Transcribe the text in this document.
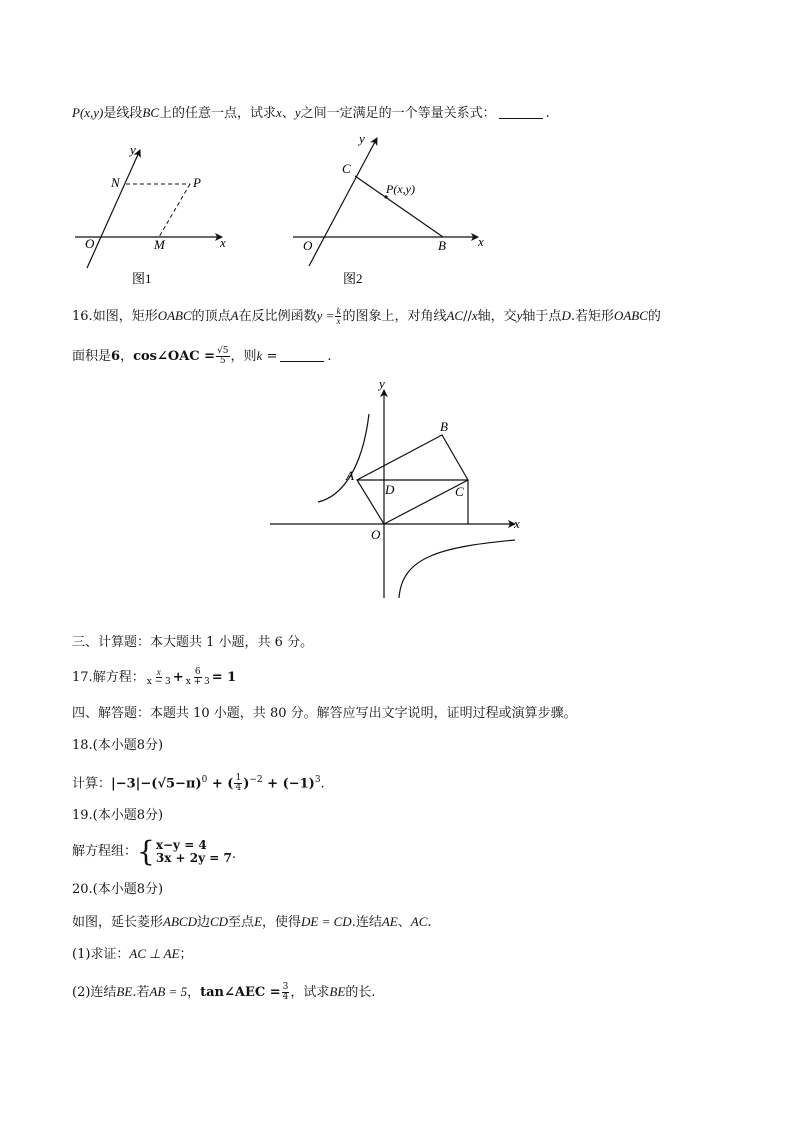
P(x,y)是线段BC上的任意一点，试求x、y之间一定满足的一个等量关系式：	.
y
x
N	P
O	M
图1
y
x
C
P(x,y)
O	B
图2
16.如图，矩形OABC的顶点A在反比例函数$y = \frac{k}{x}$ 的图象上，对角线AC//x轴，交y轴于点D.若矩形OABC的
面积是6，cos∠OAC = $\frac{√5}{5}$ ，则k =	.
y
x
A
B
C
D
O
三、计算题：本大题共 1 小题，共 6 分。
17.解方程： $\frac{x}{x - 3} + \frac{6}{x + 3} = 1$
四、解答题：本题共 10 小题，共 80 分。解答应写出文字说明，证明过程或演算步骤。
18.(本小题8分)
计算：$|-3|-(√5-\pi)^0$ + ( $\frac{1}{4} )^{-2} + (-1)^3$.
19.(本小题8分)
解方程组： { x−y = 4
3x + 2y = 7 ·
20.(本小题8分)
如图，延长菱形ABCD边CD至点E，使得DE = CD.连结AE、AC.
(1)求证：AC ⊥ AE；
(2)连结BE.若AB = 5，tan∠AEC = $\frac{3}{4}$ ，试求BE的长.
